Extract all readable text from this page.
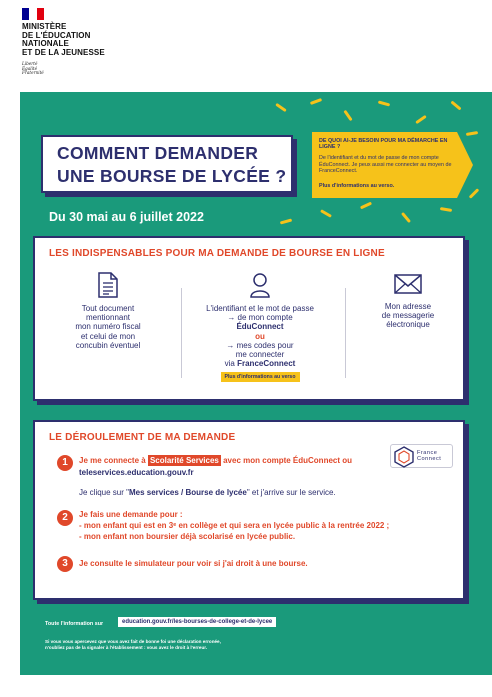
MINISTÈRE
DE L'ÉDUCATION
NATIONALE
ET DE LA JEUNESSE
Liberté
Égalité
Fraternité
COMMENT DEMANDER
UNE BOURSE DE LYCÉE ?
DE QUOI AI-JE BESOIN POUR MA DÉMARCHE EN LIGNE ?
De l'identifiant et du mot de passe de mon compte ÉduConnect. Je peux aussi me connecter au moyen de FranceConnect.
Plus d'informations au verso.
Du 30 mai au 6 juillet 2022
LES INDISPENSABLES POUR MA DEMANDE DE BOURSE EN LIGNE
Tout document
mentionnant
mon numéro fiscal
et celui de mon
concubin éventuel
L'identifiant et le mot de passe
→ de mon compte
ÉduConnect
ou
→ mes codes pour
me connecter
via FranceConnect
Plus d'informations au verso
Mon adresse
de messagerie
électronique
LE DÉROULEMENT DE MA DEMANDE
1	Je me connecte à Scolarité Services avec mon compte ÉduConnect ou
teleservices.education.gouv.fr
France
Connect
Je clique sur "Mes services / Bourse de lycée" et j'arrive sur le service.
2	Je fais une demande pour :
- mon enfant qui est en 3ᵉ en collège et qui sera en lycée public à la rentrée 2022 ;
- mon enfant non boursier déjà scolarisé en lycée public.
3	Je consulte le simulateur pour voir si j'ai droit à une bourse.
Toute l'information sur	education.gouv.fr/les-bourses-de-college-et-de-lycee
Si vous vous apercevez que vous avez fait de bonne foi une déclaration erronée,
n'oubliez pas de la signaler à l'établissement : vous avez le droit à l'erreur.
